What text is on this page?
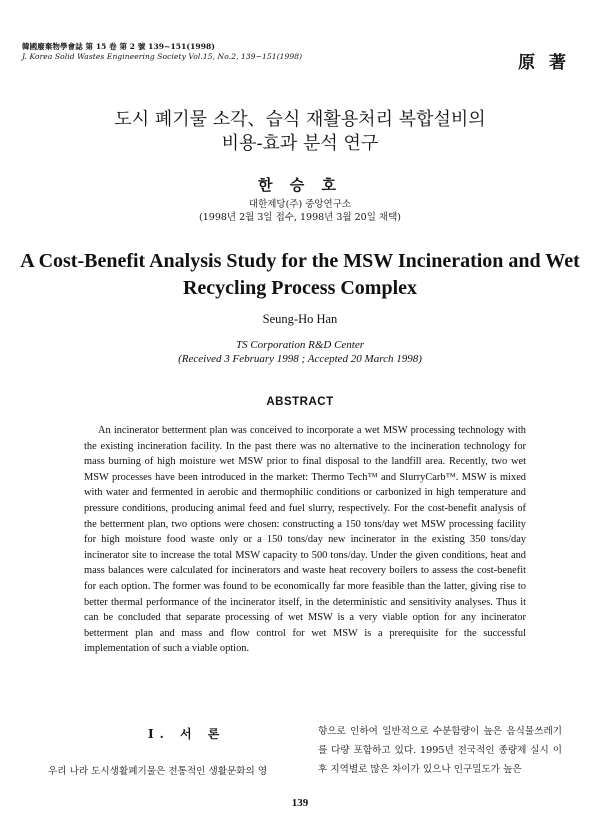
韓國廢棄物學會誌 第 15 卷 第 2 號 139~151(1998)
J. Korea Solid Wastes Engineering Society Vol.15, No.2, 139~151(1998)	原 著
도시 폐기물 소각、습식 재활용처리 복합설비의
비용-효과 분석 연구
한 승 호
대한제당(주) 중앙연구소
(1998년 2월 3일 접수, 1998년 3월 20일 채택)
A Cost-Benefit Analysis Study for the MSW Incineration and Wet
Recycling Process Complex
Seung-Ho Han
TS Corporation R&D Center
(Received 3 February 1998 ; Accepted 20 March 1998)
ABSTRACT
An incinerator betterment plan was conceived to incorporate a wet MSW processing technology with the existing incineration facility. In the past there was no alternative to the incineration technology for mass burning of high moisture wet MSW prior to final disposal to the landfill area. Recently, two wet MSW processes have been introduced in the market: Thermo Tech™ and SlurryCarb™. MSW is mixed with water and fermented in aerobic and thermophilic conditions or carbonized in high temperature and pressure conditions, producing animal feed and fuel slurry, respectively. For the cost-benefit analysis of the betterment plan, two options were chosen: constructing a 150 tons/day wet MSW processing facility for high moisture food waste only or a 150 tons/day new incinerator in the existing 350 tons/day incinerator site to increase the total MSW capacity to 500 tons/day. Under the given conditions, heat and mass balances were calculated for incinerators and waste heat recovery boilers to assess the cost-benefit for each option. The former was found to be economically far more feasible than the latter, giving rise to better thermal performance of the incinerator itself, in the deterministic and sensitivity analyses. Thus it can be concluded that separate processing of wet MSW is a very viable option for any incinerator betterment plan and mass and flow control for wet MSW is a prerequisite for the successful implementation of such a viable option.
Ⅰ. 서 론
우리 나라 도시생활폐기물은 전통적인 생활문화의 영
향으로 인하여 일반적으로 수분함량이 높은 음식물쓰레기를 다량 포함하고 있다. 1995년 전국적인 종량제 실시 이후 지역별로 많은 차이가 있으나 인구밀도가 높은
139
